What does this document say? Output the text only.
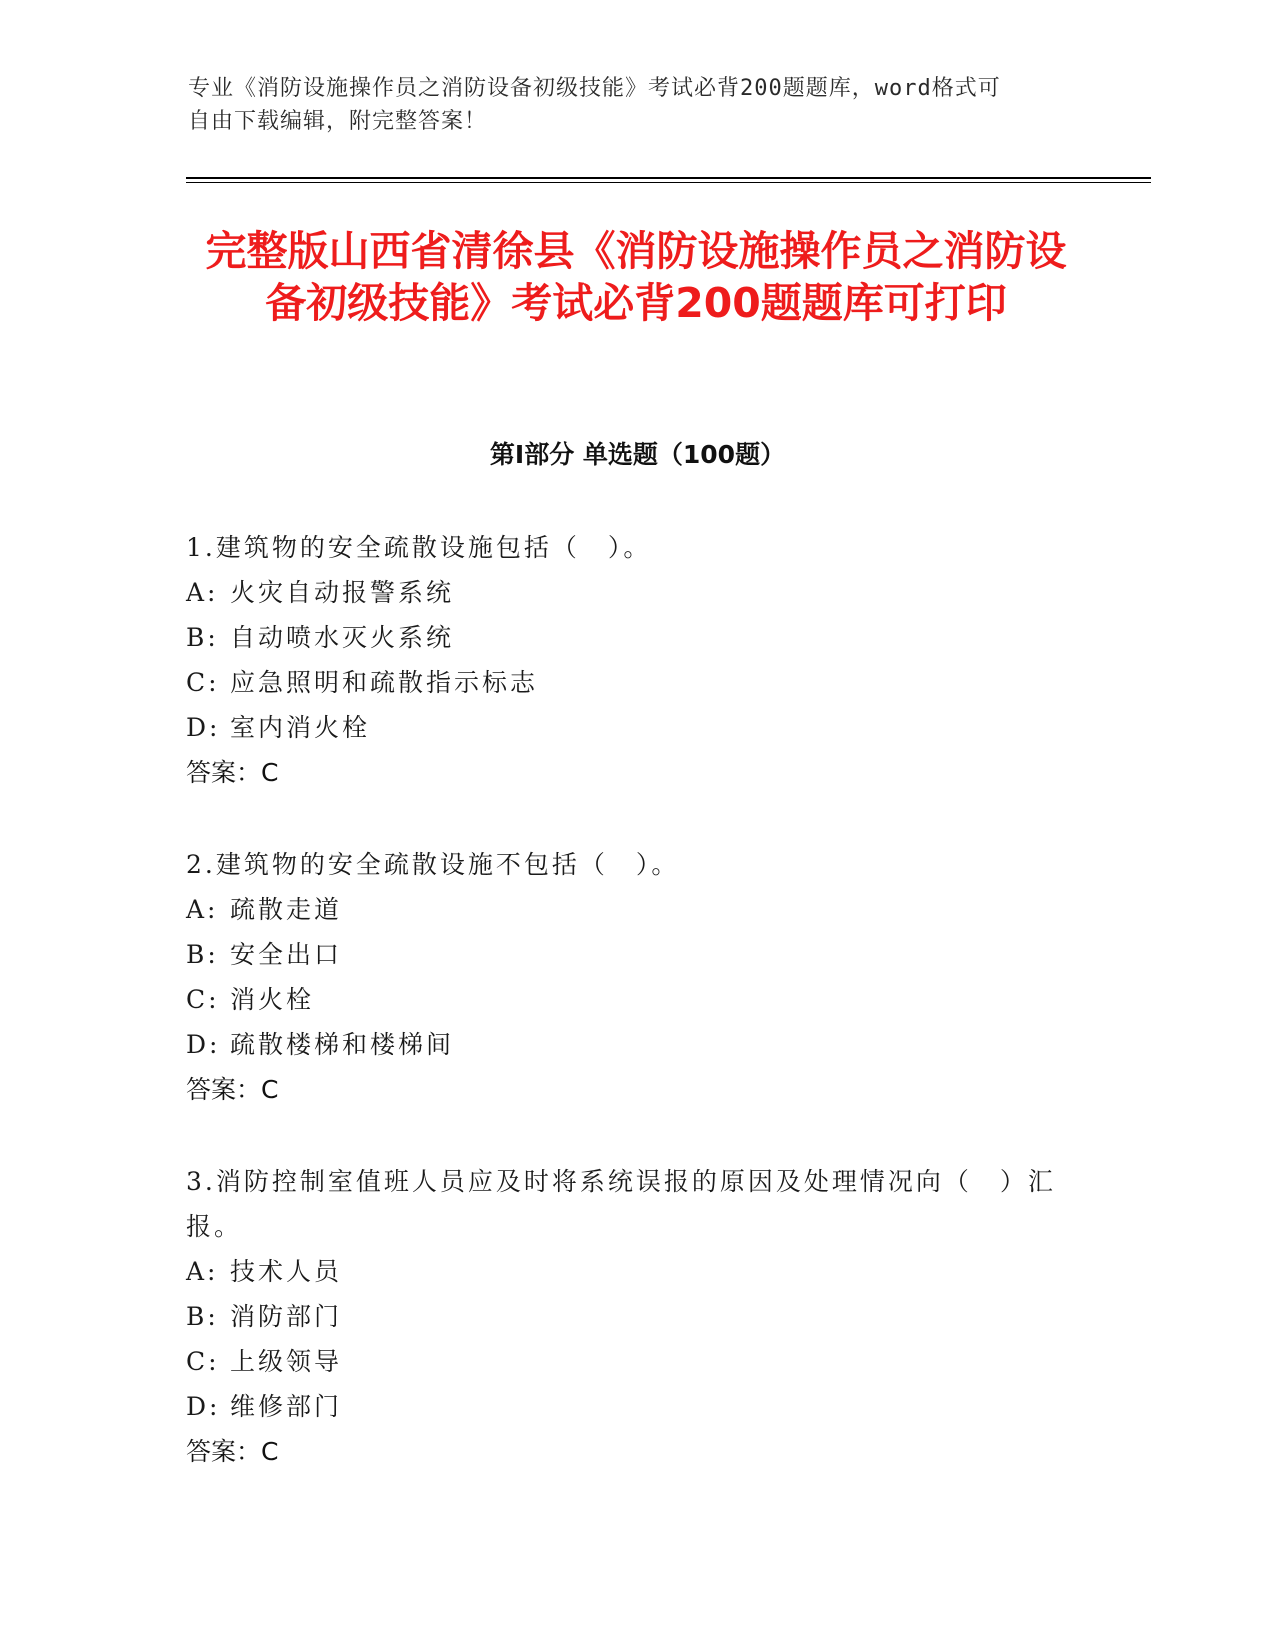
专业《消防设施操作员之消防设备初级技能》考试必背200题题库，word格式可
自由下载编辑，附完整答案！
完整版山西省清徐县《消防设施操作员之消防设备初级技能》考试必背200题题库可打印
第I部分 单选题（100题）
1.建筑物的安全疏散设施包括（　）。
A: 火灾自动报警系统
B: 自动喷水灭火系统
C: 应急照明和疏散指示标志
D: 室内消火栓
答案：C
2.建筑物的安全疏散设施不包括（　）。
A: 疏散走道
B: 安全出口
C: 消火栓
D: 疏散楼梯和楼梯间
答案：C
3.消防控制室值班人员应及时将系统误报的原因及处理情况向（　）汇报。
A: 技术人员
B: 消防部门
C: 上级领导
D: 维修部门
答案：C
